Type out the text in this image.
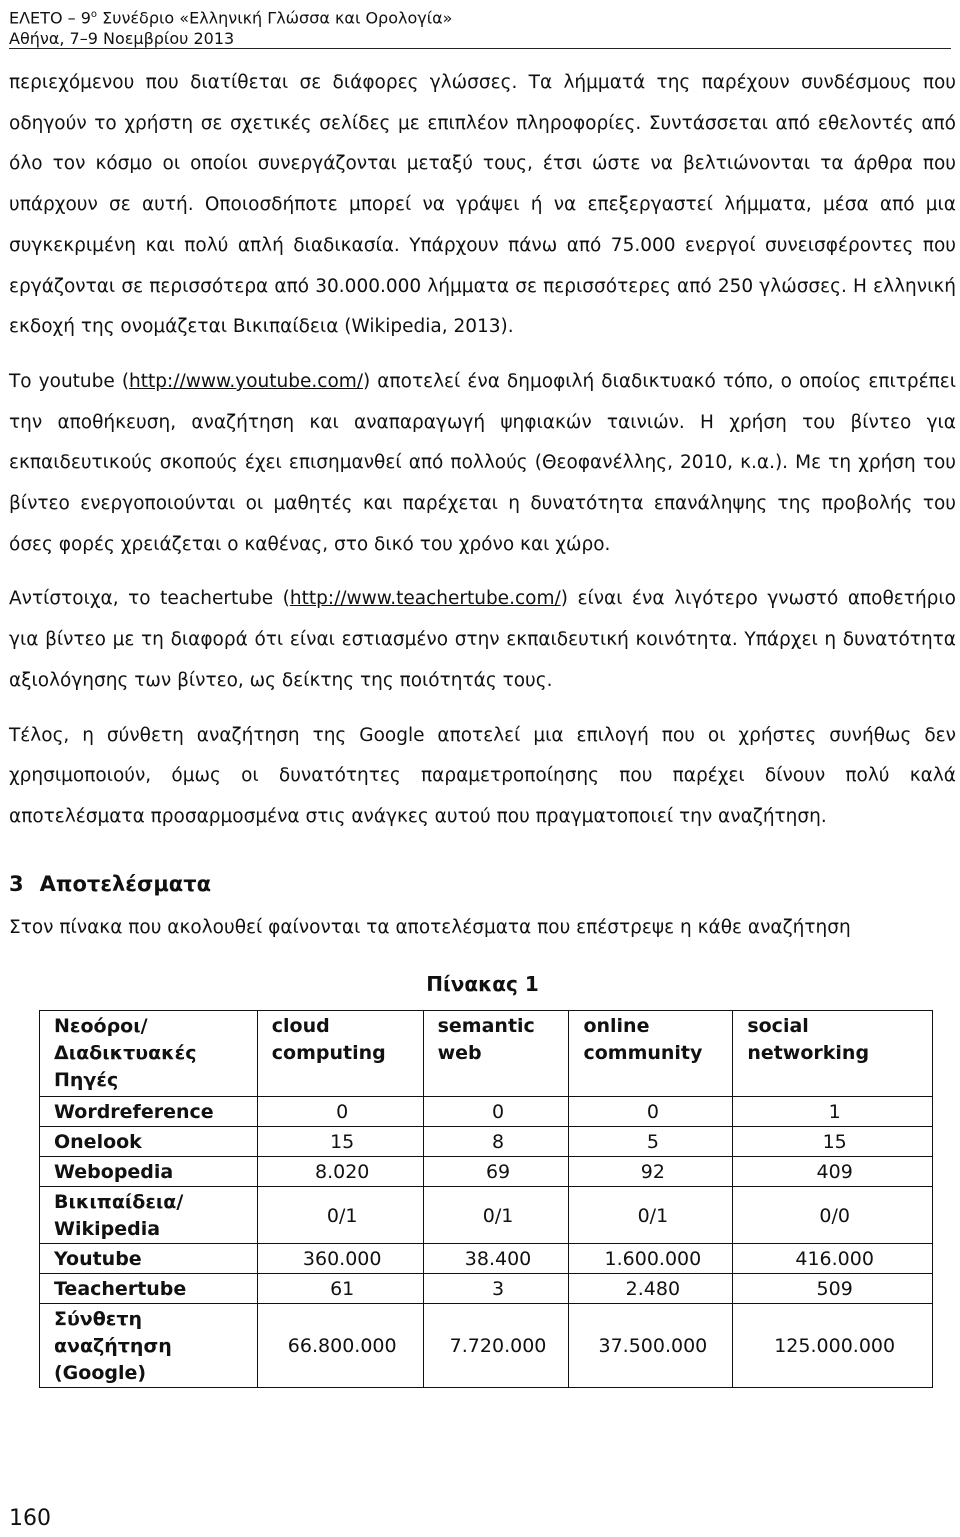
ΕΛΕΤΟ – $9^o$ Συνέδριο «Ελληνική Γλώσσα και Ορολογία»
Αθήνα, 7–9 Νοεμβρίου 2013

περιεχόμενου που διατίθεται σε διάφορες γλώσσες. Τα λήμματά της παρέχουν συνδέσμους που οδηγούν το χρήστη σε σχετικές σελίδες με επιπλέον πληροφορίες. Συντάσσεται από εθελοντές από όλο τον κόσμο οι οποίοι συνεργάζονται μεταξύ τους, έτσι ώστε να βελτιώνονται τα άρθρα που υπάρχουν σε αυτή. Οποιοσδήποτε μπορεί να γράψει ή να επεξεργαστεί λήμματα, μέσα από μια συγκεκριμένη και πολύ απλή διαδικασία. Υπάρχουν πάνω από 75.000 ενεργοί συνεισφέροντες που εργάζονται σε περισσότερα από 30.000.000 λήμματα σε περισσότερες από 250 γλώσσες. Η ελληνική εκδοχή της ονομάζεται Βικιπαίδεια (Wikipedia, 2013).

Το youtube (http://www.youtube.com/) αποτελεί ένα δημοφιλή διαδικτυακό τόπο, ο οποίος επιτρέπει την αποθήκευση, αναζήτηση και αναπαραγωγή ψηφιακών ταινιών. Η χρήση του βίντεο για εκπαιδευτικούς σκοπούς έχει επισημανθεί από πολλούς (Θεοφανέλλης, 2010, κ.α.). Με τη χρήση του βίντεο ενεργοποιούνται οι μαθητές και παρέχεται η δυνατότητα επανάληψης της προβολής του όσες φορές χρειάζεται ο καθένας, στο δικό του χρόνο και χώρο.

Αντίστοιχα, το teachertube (http://www.teachertube.com/) είναι ένα λιγότερο γνωστό αποθετήριο για βίντεο με τη διαφορά ότι είναι εστιασμένο στην εκπαιδευτική κοινότητα. Υπάρχει η δυνατότητα αξιολόγησης των βίντεο, ως δείκτης της ποιότητάς τους.

Τέλος, η σύνθετη αναζήτηση της Google αποτελεί μια επιλογή που οι χρήστες συνήθως δεν χρησιμοποιούν, όμως οι δυνατότητες παραμετροποίησης που παρέχει δίνουν πολύ καλά αποτελέσματα προσαρμοσμένα στις ανάγκες αυτού που πραγματοποιεί την αναζήτηση.

3 Αποτελέσματα

Στον πίνακα που ακολουθεί φαίνονται τα αποτελέσματα που επέστρεψε η κάθε αναζήτηση

Πίνακας 1
Νεοόροι/ Διαδικτυακές Πηγές	cloud computing	semantic web	online community	social networking
Wordreference	0	0	0	1
Onelook	15	8	5	15
Webopedia	8.020	69	92	409
Βικιπαίδεια/ Wikipedia	0/1	0/1	0/1	0/0
Youtube	360.000	38.400	1.600.000	416.000
Teachertube	61	3	2.480	509
Σύνθετη αναζήτηση (Google)	66.800.000	7.720.000	37.500.000	125.000.000
160
